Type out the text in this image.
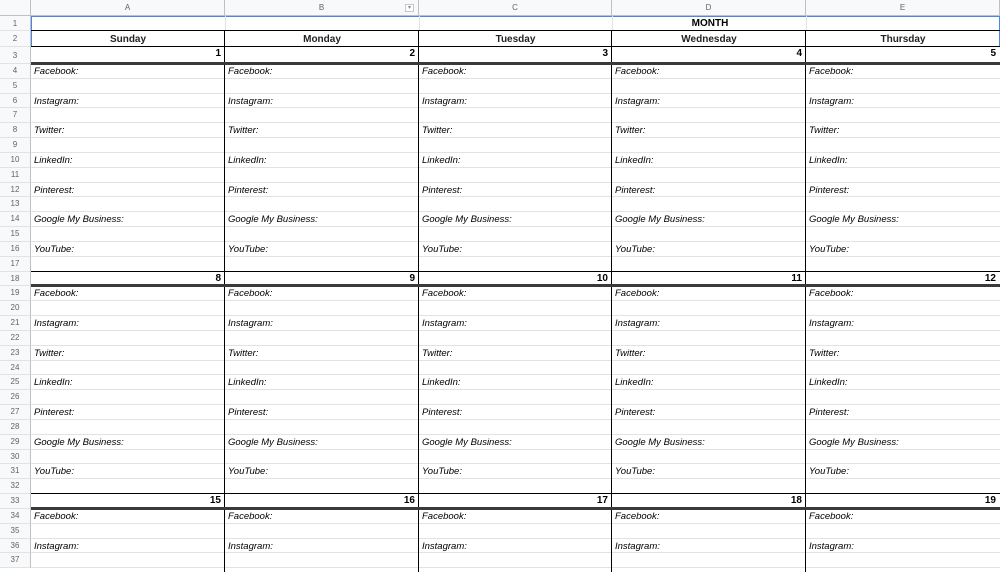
MONTH
A	B	▾	C	D	E
1
2
3
4
5
6
7
8
9
10
11
12
13
14
15
16
17
18
19
20
21
22
23
24
25
26
27
28
29
30
31
32
33
34
35
36
37
Sunday	Monday	Tuesday	Wednesday	Thursday
1	2	3	4	5
Facebook:	Facebook:	Facebook:	Facebook:	Facebook:
Instagram:	Instagram:	Instagram:	Instagram:	Instagram:
Twitter:	Twitter:	Twitter:	Twitter:	Twitter:
LinkedIn:	LinkedIn:	LinkedIn:	LinkedIn:	LinkedIn:
Pinterest:	Pinterest:	Pinterest:	Pinterest:	Pinterest:
Google My Business:	Google My Business:	Google My Business:	Google My Business:	Google My Business:
YouTube:	YouTube:	YouTube:	YouTube:	YouTube:
8	9	10	11	12
Facebook:	Facebook:	Facebook:	Facebook:	Facebook:
Instagram:	Instagram:	Instagram:	Instagram:	Instagram:
Twitter:	Twitter:	Twitter:	Twitter:	Twitter:
LinkedIn:	LinkedIn:	LinkedIn:	LinkedIn:	LinkedIn:
Pinterest:	Pinterest:	Pinterest:	Pinterest:	Pinterest:
Google My Business:	Google My Business:	Google My Business:	Google My Business:	Google My Business:
YouTube:	YouTube:	YouTube:	YouTube:	YouTube:
15	16	17	18	19
Facebook:	Facebook:	Facebook:	Facebook:	Facebook:
Instagram:	Instagram:	Instagram:	Instagram:	Instagram:
